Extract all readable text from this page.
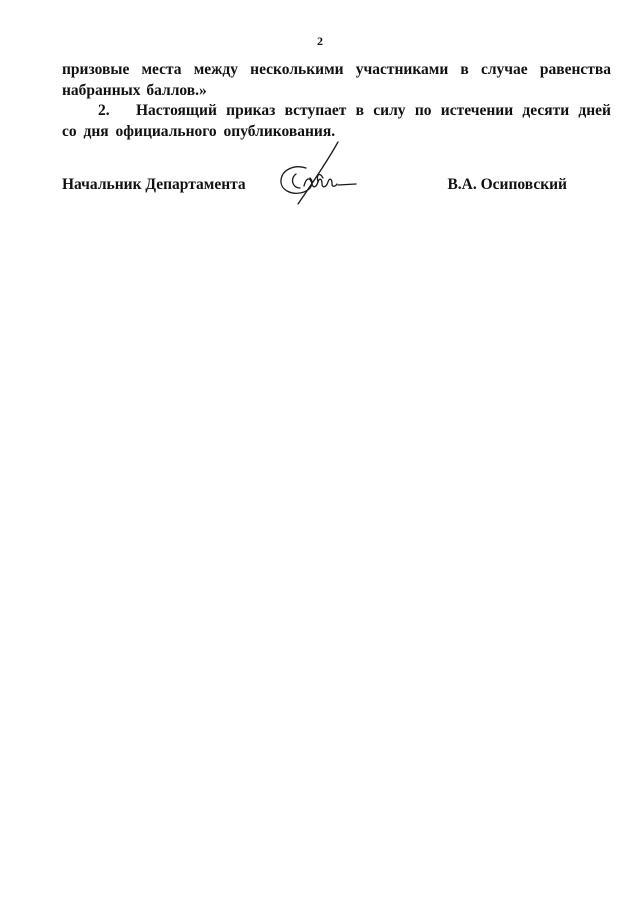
2

призовые места между несколькими участниками в случае равенства набранных баллов.»

2. Настоящий приказ вступает в силу по истечении десяти дней со дня официального опубликования.

Начальник Департамента	В.А. Осиповский
